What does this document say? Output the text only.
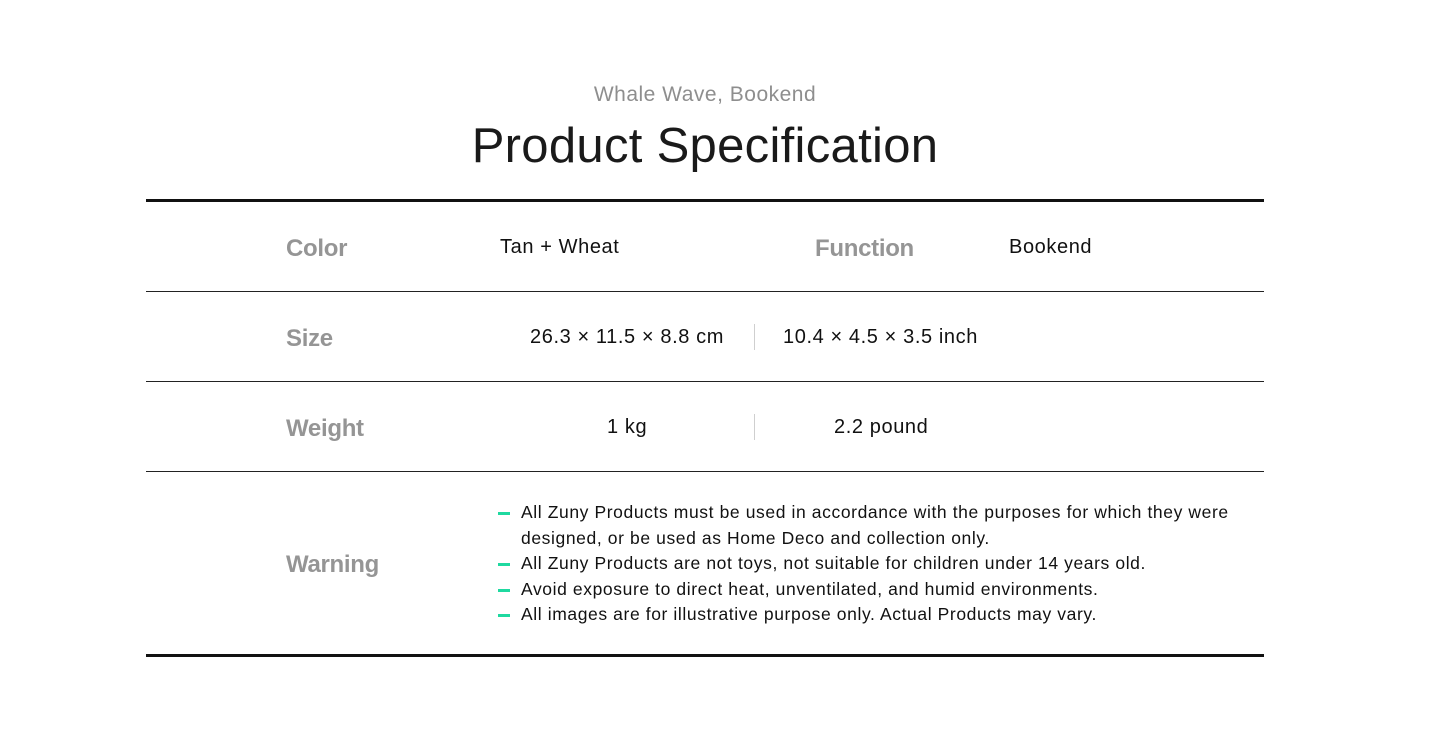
Whale Wave, Bookend
Product Specification
Color	Tan + Wheat	Function	Bookend
Size	26.3 × 11.5 × 8.8 cm	10.4 × 4.5 × 3.5 inch
Weight	1 kg	2.2 pound
Warning
All Zuny Products must be used in accordance with the purposes for which they were designed, or be used as Home Deco and collection only.
All Zuny Products are not toys, not suitable for children under 14 years old.
Avoid exposure to direct heat, unventilated, and humid environments.
All images are for illustrative purpose only. Actual Products may vary.
